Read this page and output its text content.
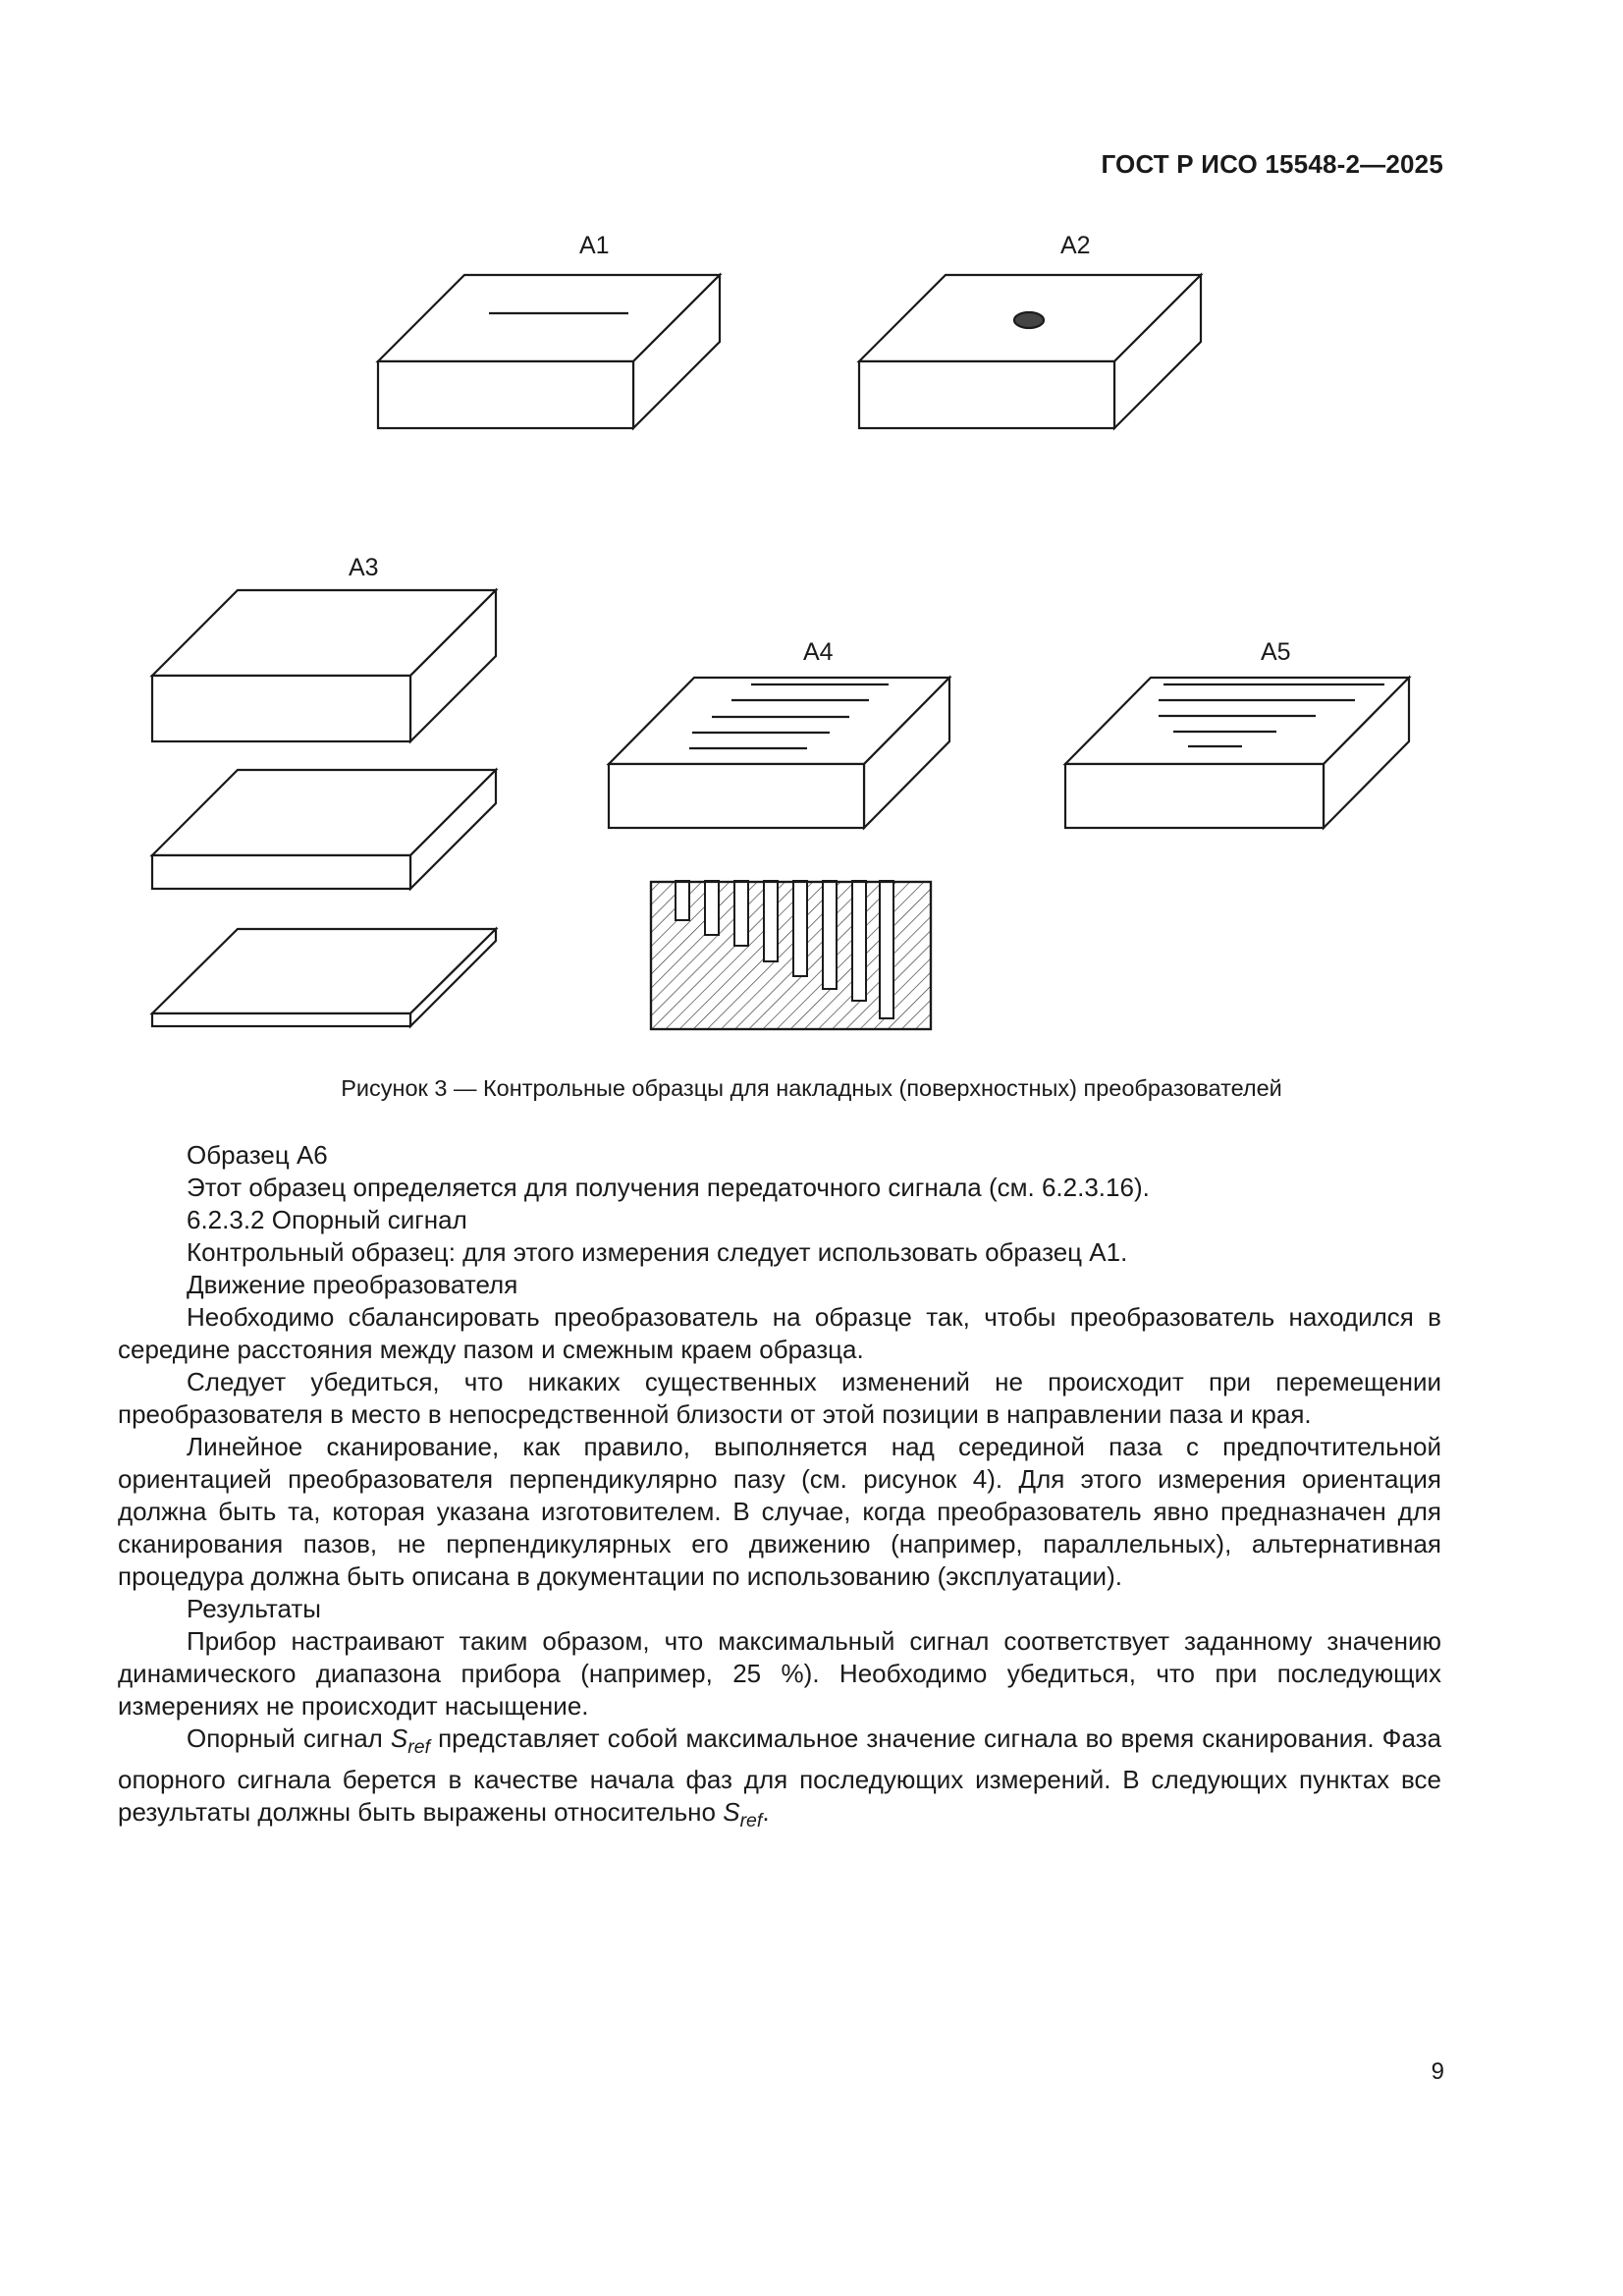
ГОСТ Р ИСО 15548-2—2025
A1	A2
A3
A4	A5
Рисунок 3 — Контрольные образцы для накладных (поверхностных) преобразователей

Образец A6

Этот образец определяется для получения передаточного сигнала (см. 6.2.3.16).

6.2.3.2 Опорный сигнал

Контрольный образец: для этого измерения следует использовать образец A1.

Движение преобразователя

Необходимо сбалансировать преобразователь на образце так, чтобы преобразователь находился в середине расстояния между пазом и смежным краем образца.

Следует убедиться, что никаких существенных изменений не происходит при перемещении преобразователя в место в непосредственной близости от этой позиции в направлении паза и края.

Линейное сканирование, как правило, выполняется над серединой паза с предпочтительной ориентацией преобразователя перпендикулярно пазу (см. рисунок 4). Для этого измерения ориентация должна быть та, которая указана изготовителем. В случае, когда преобразователь явно предназначен для сканирования пазов, не перпендикулярных его движению (например, параллельных), альтернативная процедура должна быть описана в документации по использованию (эксплуатации).

Результаты

Прибор настраивают таким образом, что максимальный сигнал соответствует заданному значению динамического диапазона прибора (например, 25 %). Необходимо убедиться, что при последующих измерениях не происходит насыщение.

Опорный сигнал $S_{ref}$ представляет собой максимальное значение сигнала во время сканирования. Фаза опорного сигнала берется в качестве начала фаз для последующих измерений. В следующих пунктах все результаты должны быть выражены относительно $S_{ref}$.

9
